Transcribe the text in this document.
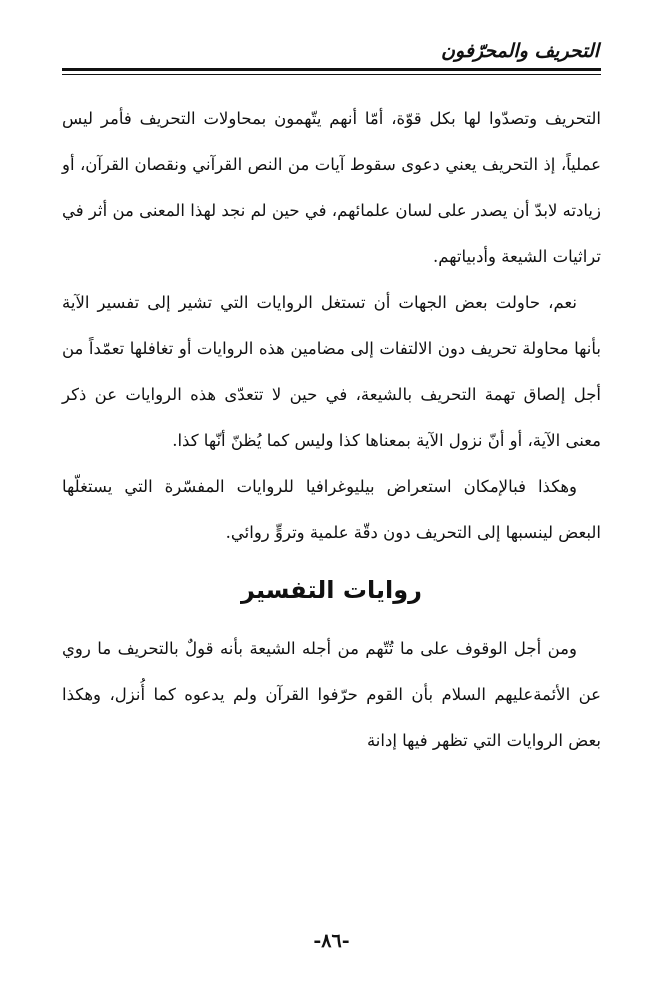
التحريف والمحرّفون

التحريف وتصدّوا لها بكل قوّة، أمّا أنهم يتّهمون بمحاولات التحريف فأمر ليس عملياً، إذ التحريف يعني دعوى سقوط آيات من النص القرآني ونقصان القرآن، أو زيادته لابدّ أن يصدر على لسان علمائهم، في حين لم نجد لهذا المعنى من أثر في تراثيات الشيعة وأدبياتهم.

نعم، حاولت بعض الجهات أن تستغل الروايات التي تشير إلى تفسير الآية بأنها محاولة تحريف دون الالتفات إلى مضامين هذه الروايات أو تغافلها تعمّداً من أجل إلصاق تهمة التحريف بالشيعة، في حين لا تتعدّى هذه الروايات عن ذكر معنى الآية، أو أنّ نزول الآية بمعناها كذا وليس كما يُظنّ أنّها كذا.

وهكذا فبالإمكان استعراض بيليوغرافيا للروايات المفسّرة التي يستغلّها البعض لينسبها إلى التحريف دون دقّة علمية وتروٍّ روائي.

روايات التفسير

ومن أجل الوقوف على ما تُتّهم من أجله الشيعة بأنه قولٌ بالتحريف ما روي عن الأئمةعليهم السلام بأن القوم حرّفوا القرآن ولم يدعوه كما أُنزل، وهكذا بعض الروايات التي تظهر فيها إدانة

-٨٦-
